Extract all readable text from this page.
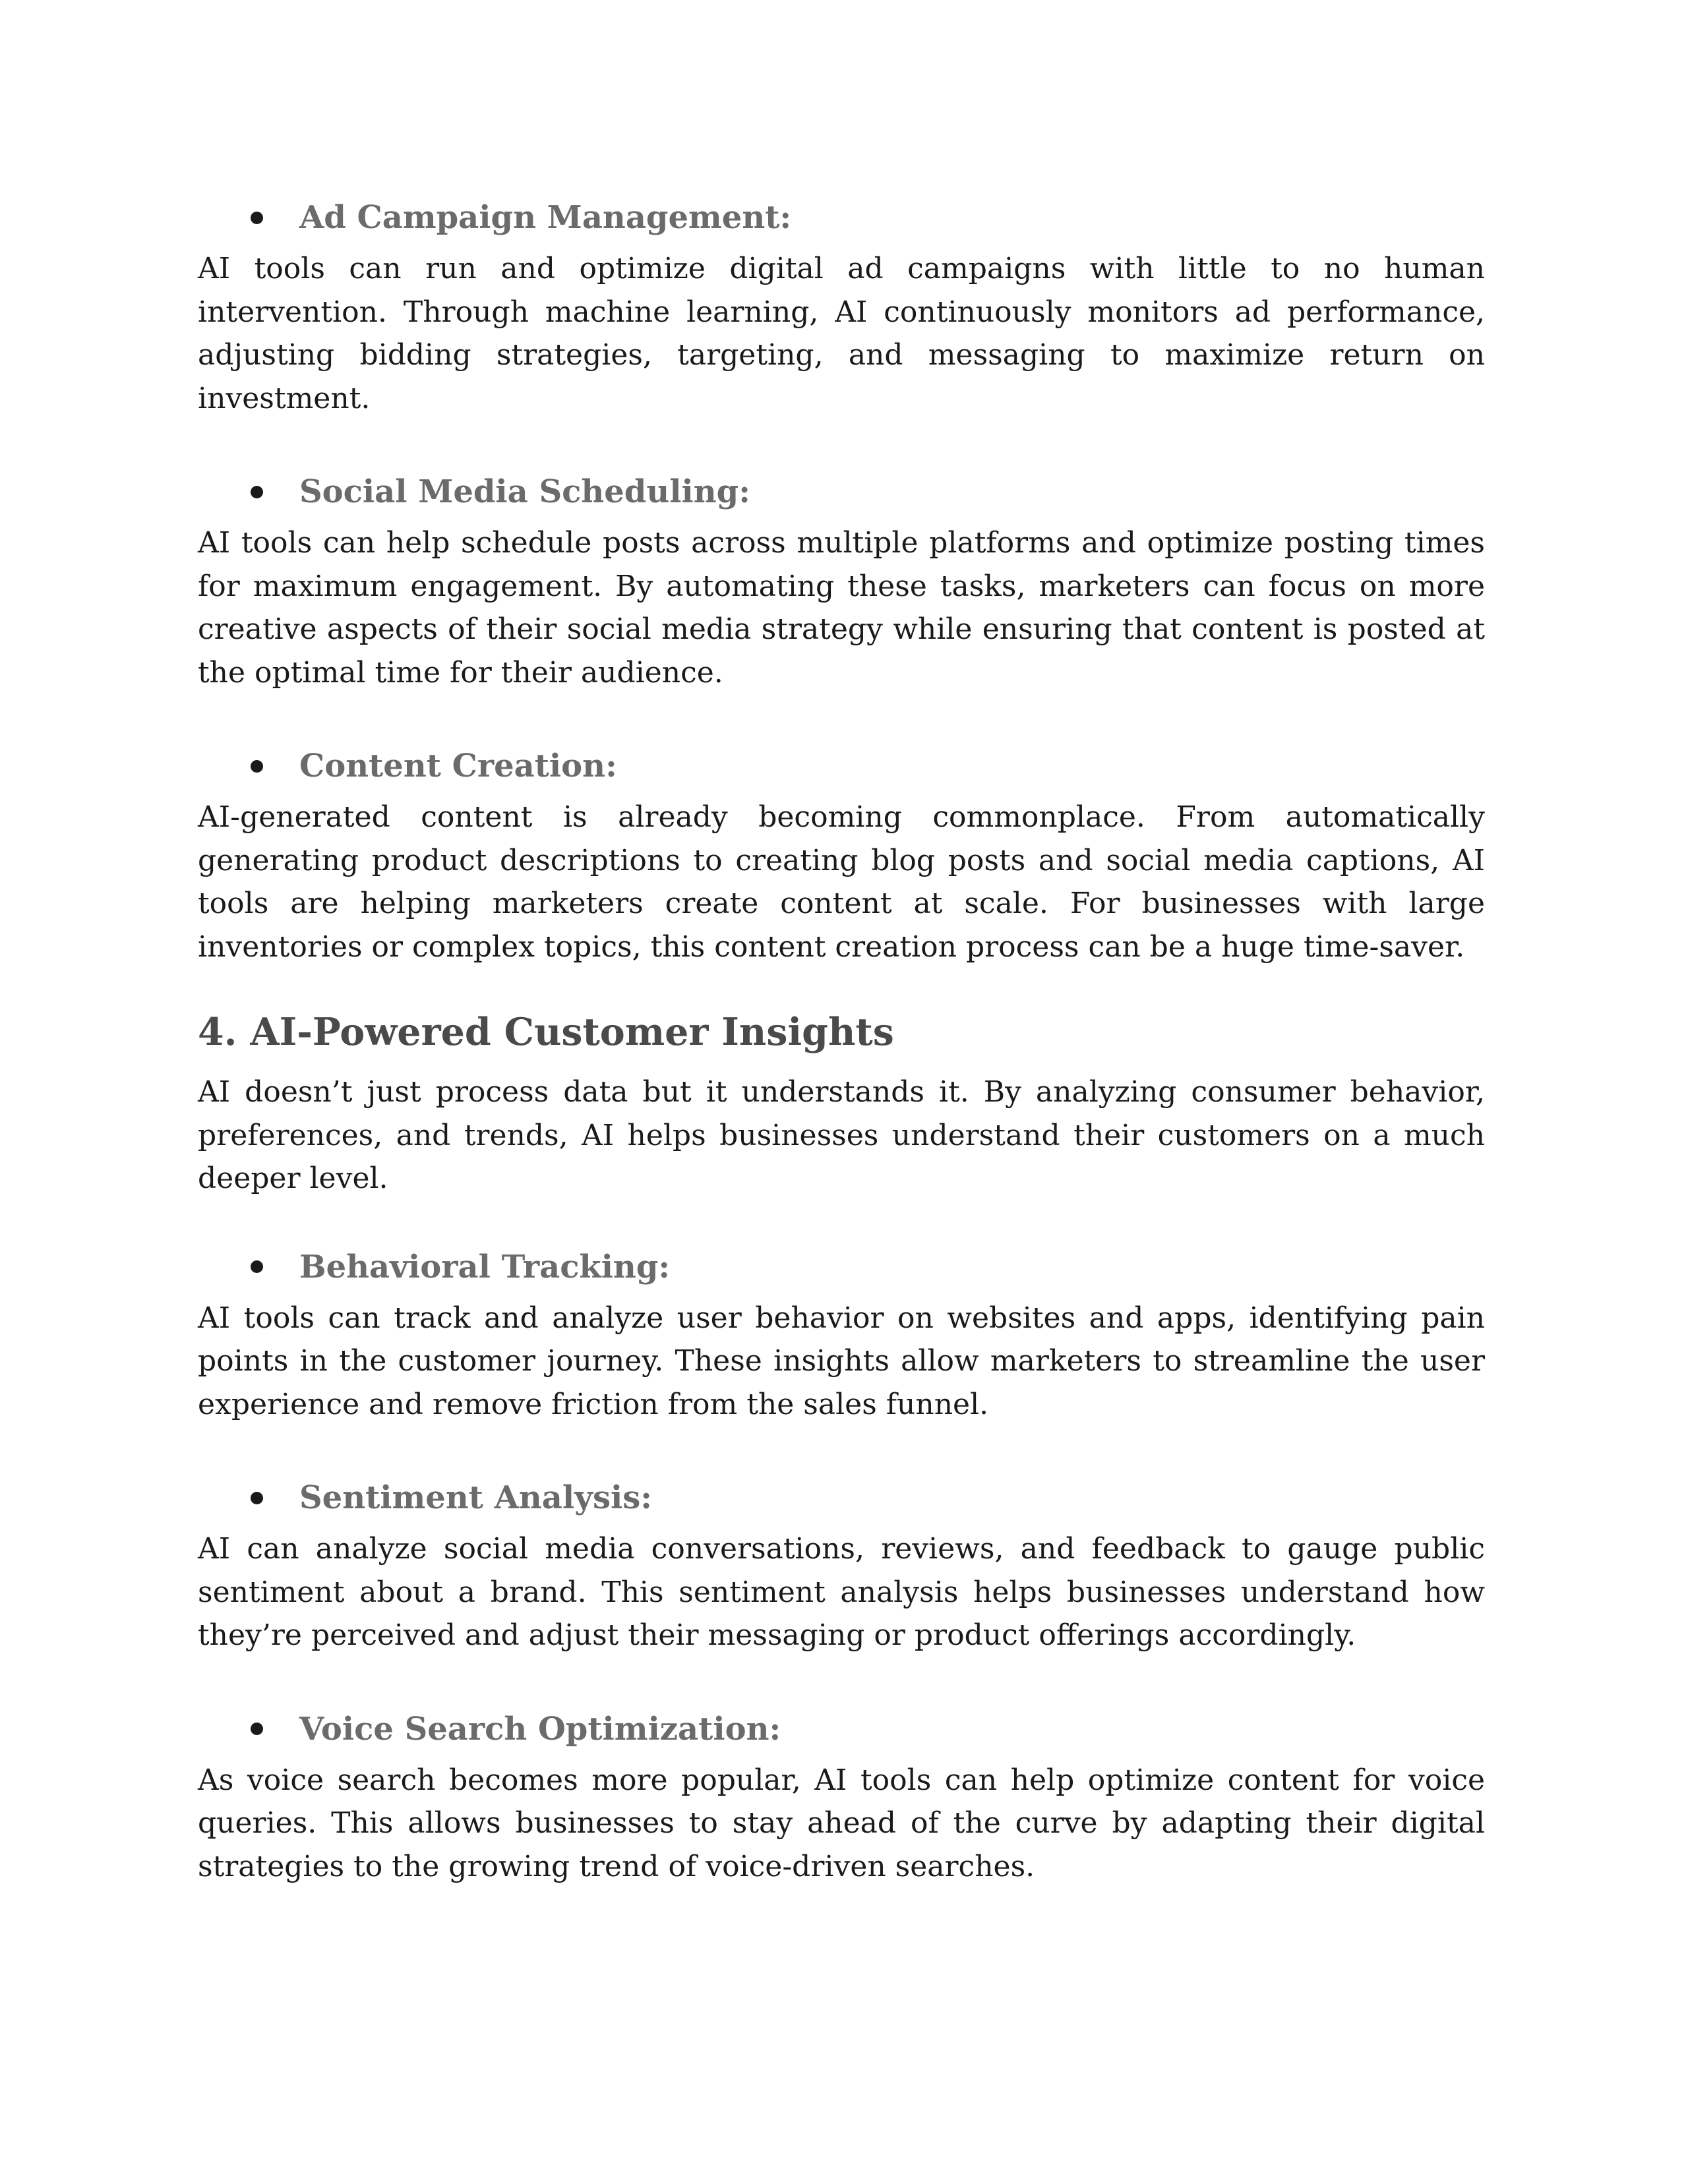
Ad Campaign Management:

AI tools can run and optimize digital ad campaigns with little to no human intervention. Through machine learning, AI continuously monitors ad performance, adjusting bidding strategies, targeting, and messaging to maximize return on investment.

Social Media Scheduling:

AI tools can help schedule posts across multiple platforms and optimize posting times for maximum engagement. By automating these tasks, marketers can focus on more creative aspects of their social media strategy while ensuring that content is posted at the optimal time for their audience.

Content Creation:

AI-generated content is already becoming commonplace. From automatically generating product descriptions to creating blog posts and social media captions, AI tools are helping marketers create content at scale. For businesses with large inventories or complex topics, this content creation process can be a huge time-saver.

4. AI-Powered Customer Insights

AI doesn’t just process data but it understands it. By analyzing consumer behavior, preferences, and trends, AI helps businesses understand their customers on a much deeper level.

Behavioral Tracking:

AI tools can track and analyze user behavior on websites and apps, identifying pain points in the customer journey. These insights allow marketers to streamline the user experience and remove friction from the sales funnel.

Sentiment Analysis:

AI can analyze social media conversations, reviews, and feedback to gauge public sentiment about a brand. This sentiment analysis helps businesses understand how they’re perceived and adjust their messaging or product offerings accordingly.

Voice Search Optimization:

As voice search becomes more popular, AI tools can help optimize content for voice queries. This allows businesses to stay ahead of the curve by adapting their digital strategies to the growing trend of voice-driven searches.
